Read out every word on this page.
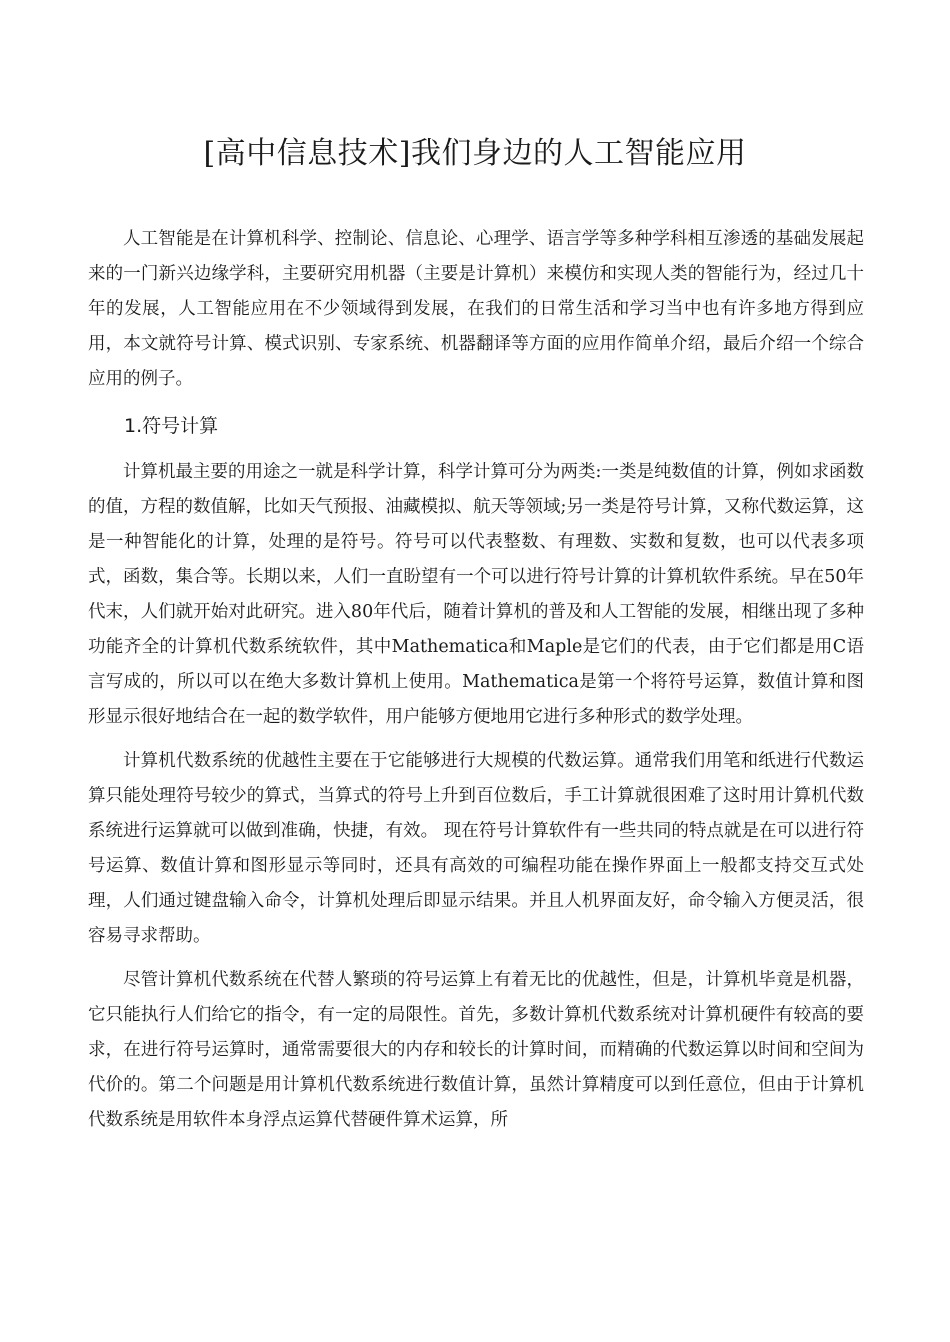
[高中信息技术]我们身边的人工智能应用

人工智能是在计算机科学、控制论、信息论、心理学、语言学等多种学科相互渗透的基础发展起来的一门新兴边缘学科，主要研究用机器（主要是计算机）来模仿和实现人类的智能行为，经过几十年的发展，人工智能应用在不少领域得到发展，在我们的日常生活和学习当中也有许多地方得到应用，本文就符号计算、模式识别、专家系统、机器翻译等方面的应用作简单介绍，最后介绍一个综合应用的例子。

1.符号计算

计算机最主要的用途之一就是科学计算，科学计算可分为两类:一类是纯数值的计算，例如求函数的值，方程的数值解，比如天气预报、油藏模拟、航天等领域;另一类是符号计算，又称代数运算，这是一种智能化的计算，处理的是符号。符号可以代表整数、有理数、实数和复数，也可以代表多项式，函数，集合等。长期以来，人们一直盼望有一个可以进行符号计算的计算机软件系统。早在50年代末，人们就开始对此研究。进入80年代后，随着计算机的普及和人工智能的发展，相继出现了多种功能齐全的计算机代数系统软件，其中Mathematica和Maple是它们的代表，由于它们都是用C语言写成的，所以可以在绝大多数计算机上使用。Mathematica是第一个将符号运算，数值计算和图形显示很好地结合在一起的数学软件，用户能够方便地用它进行多种形式的数学处理。

计算机代数系统的优越性主要在于它能够进行大规模的代数运算。通常我们用笔和纸进行代数运算只能处理符号较少的算式，当算式的符号上升到百位数后，手工计算就很困难了这时用计算机代数系统进行运算就可以做到准确，快捷，有效。 现在符号计算软件有一些共同的特点就是在可以进行符号运算、数值计算和图形显示等同时，还具有高效的可编程功能在操作界面上一般都支持交互式处理，人们通过键盘输入命令，计算机处理后即显示结果。并且人机界面友好，命令输入方便灵活，很容易寻求帮助。

尽管计算机代数系统在代替人繁琐的符号运算上有着无比的优越性，但是，计算机毕竟是机器，它只能执行人们给它的指令，有一定的局限性。首先，多数计算机代数系统对计算机硬件有较高的要求，在进行符号运算时，通常需要很大的内存和较长的计算时间，而精确的代数运算以时间和空间为代价的。第二个问题是用计算机代数系统进行数值计算，虽然计算精度可以到任意位，但由于计算机代数系统是用软件本身浮点运算代替硬件算术运算，所
